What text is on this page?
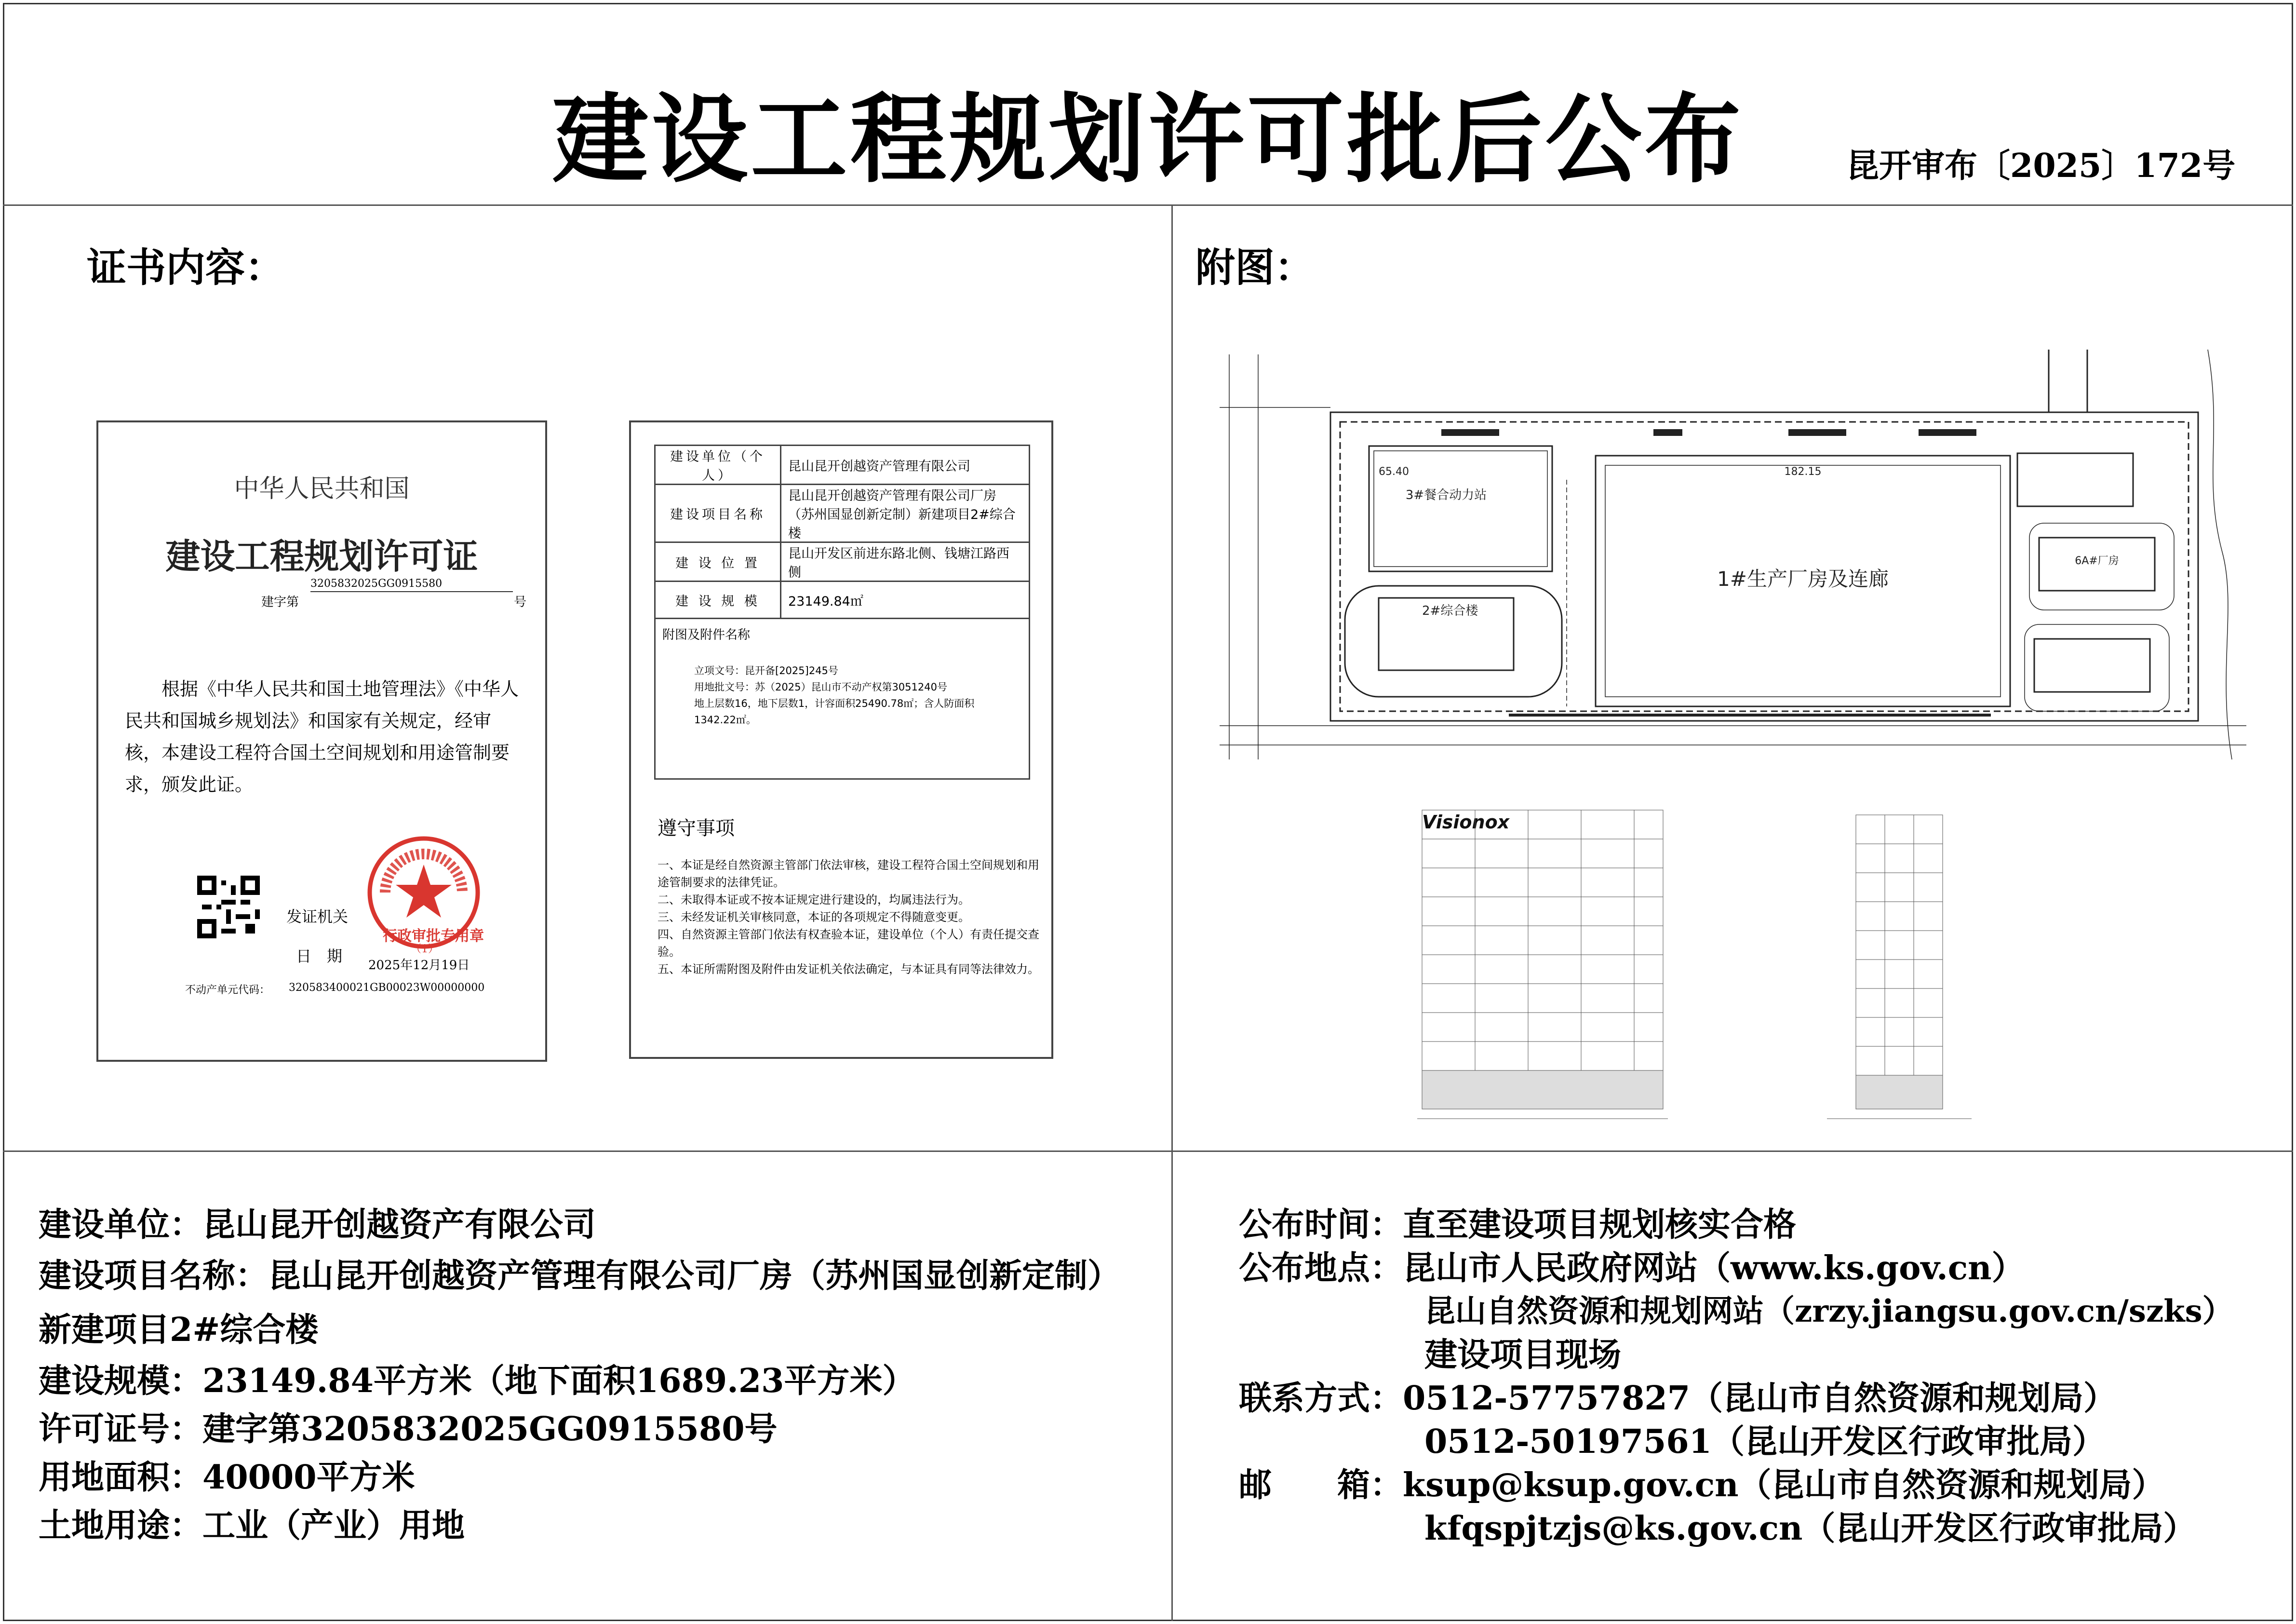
建设工程规划许可批后公布	昆开审布〔2025〕172号
证书内容：	附图：
中华人民共和国
建设工程规划许可证
3205832025GG0915580
建字第	号
根据《中华人民共和国土地管理法》《中华人民共和国城乡规划法》和国家有关规定，经审核，本建设工程符合国土空间规划和用途管制要求，颁发此证。
发证机关
日　期
行政审批专用章
（1）
2025年12月19日
不动产单元代码： 320583400021GB00023W00000000
建设单位（个人）	昆山昆开创越资产管理有限公司
建设项目名称	昆山昆开创越资产管理有限公司厂房（苏州国显创新定制）新建项目2#综合楼
建 设 位 置	昆山开发区前进东路北侧、钱塘江路西侧
建 设 规 模	23149.84㎡
附图及附件名称
立项文号：昆开备[2025]245号
用地批文号：苏（2025）昆山市不动产权第3051240号
地上层数16，地下层数1，计容面积25490.78㎡；含人防面积1342.22㎡。
遵守事项
一、本证是经自然资源主管部门依法审核，建设工程符合国土空间规划和用途管制要求的法律凭证。
二、未取得本证或不按本证规定进行建设的，均属违法行为。
三、未经发证机关审核同意，本证的各项规定不得随意变更。
四、自然资源主管部门依法有权查验本证，建设单位（个人）有责任提交查验。
五、本证所需附图及附件由发证机关依法确定，与本证具有同等法律效力。
1#生产厂房及连廊
2#综合楼
3#餐合动力站
6A#厂房
182.15
65.40
Visionox
建设单位：昆山昆开创越资产有限公司
建设项目名称：昆山昆开创越资产管理有限公司厂房（苏州国显创新定制）新建项目2#综合楼
建设规模：23149.84平方米（地下面积1689.23平方米）
许可证号：建字第3205832025GG0915580号
用地面积：40000平方米
土地用途：工业（产业）用地
公布时间：直至建设项目规划核实合格
公布地点：昆山市人民政府网站（www.ks.gov.cn）
昆山自然资源和规划网站（zrzy.jiangsu.gov.cn/szks）
建设项目现场
联系方式：0512-57757827（昆山市自然资源和规划局）
0512-50197561（昆山开发区行政审批局）
邮　　箱：ksup@ksup.gov.cn（昆山市自然资源和规划局）
kfqspjtzjs@ks.gov.cn（昆山开发区行政审批局）
